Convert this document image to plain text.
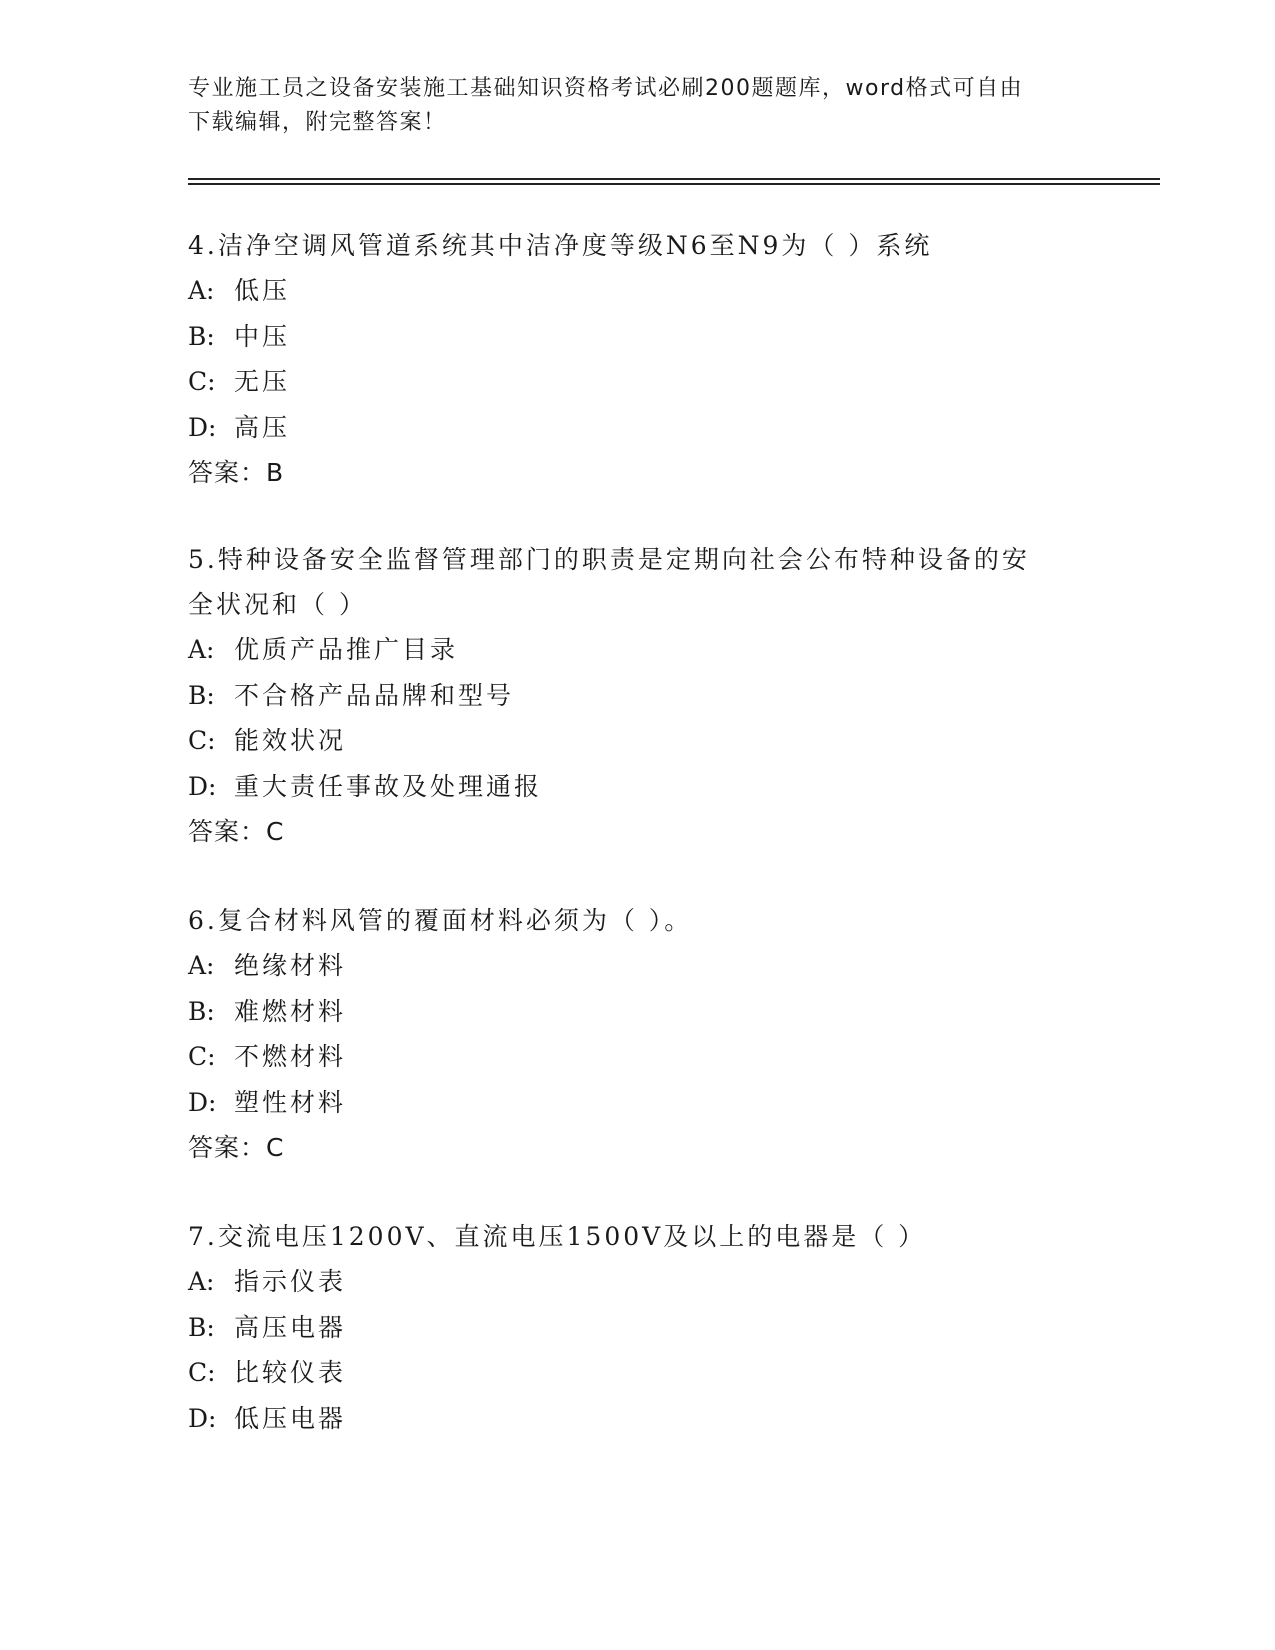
专业施工员之设备安装施工基础知识资格考试必刷200题题库，word格式可自由
下载编辑，附完整答案！

4.洁净空调风管道系统其中洁净度等级N6至N9为（ ）系统

A: 低压

B: 中压

C: 无压

D: 高压

答案：B

5.特种设备安全监督管理部门的职责是定期向社会公布特种设备的安

全状况和（ ）

A: 优质产品推广目录

B: 不合格产品品牌和型号

C: 能效状况

D: 重大责任事故及处理通报

答案：C

6.复合材料风管的覆面材料必须为（ ）。

A: 绝缘材料

B: 难燃材料

C: 不燃材料

D: 塑性材料

答案：C

7.交流电压1200V、直流电压1500V及以上的电器是（ ）

A: 指示仪表

B: 高压电器

C: 比较仪表

D: 低压电器
